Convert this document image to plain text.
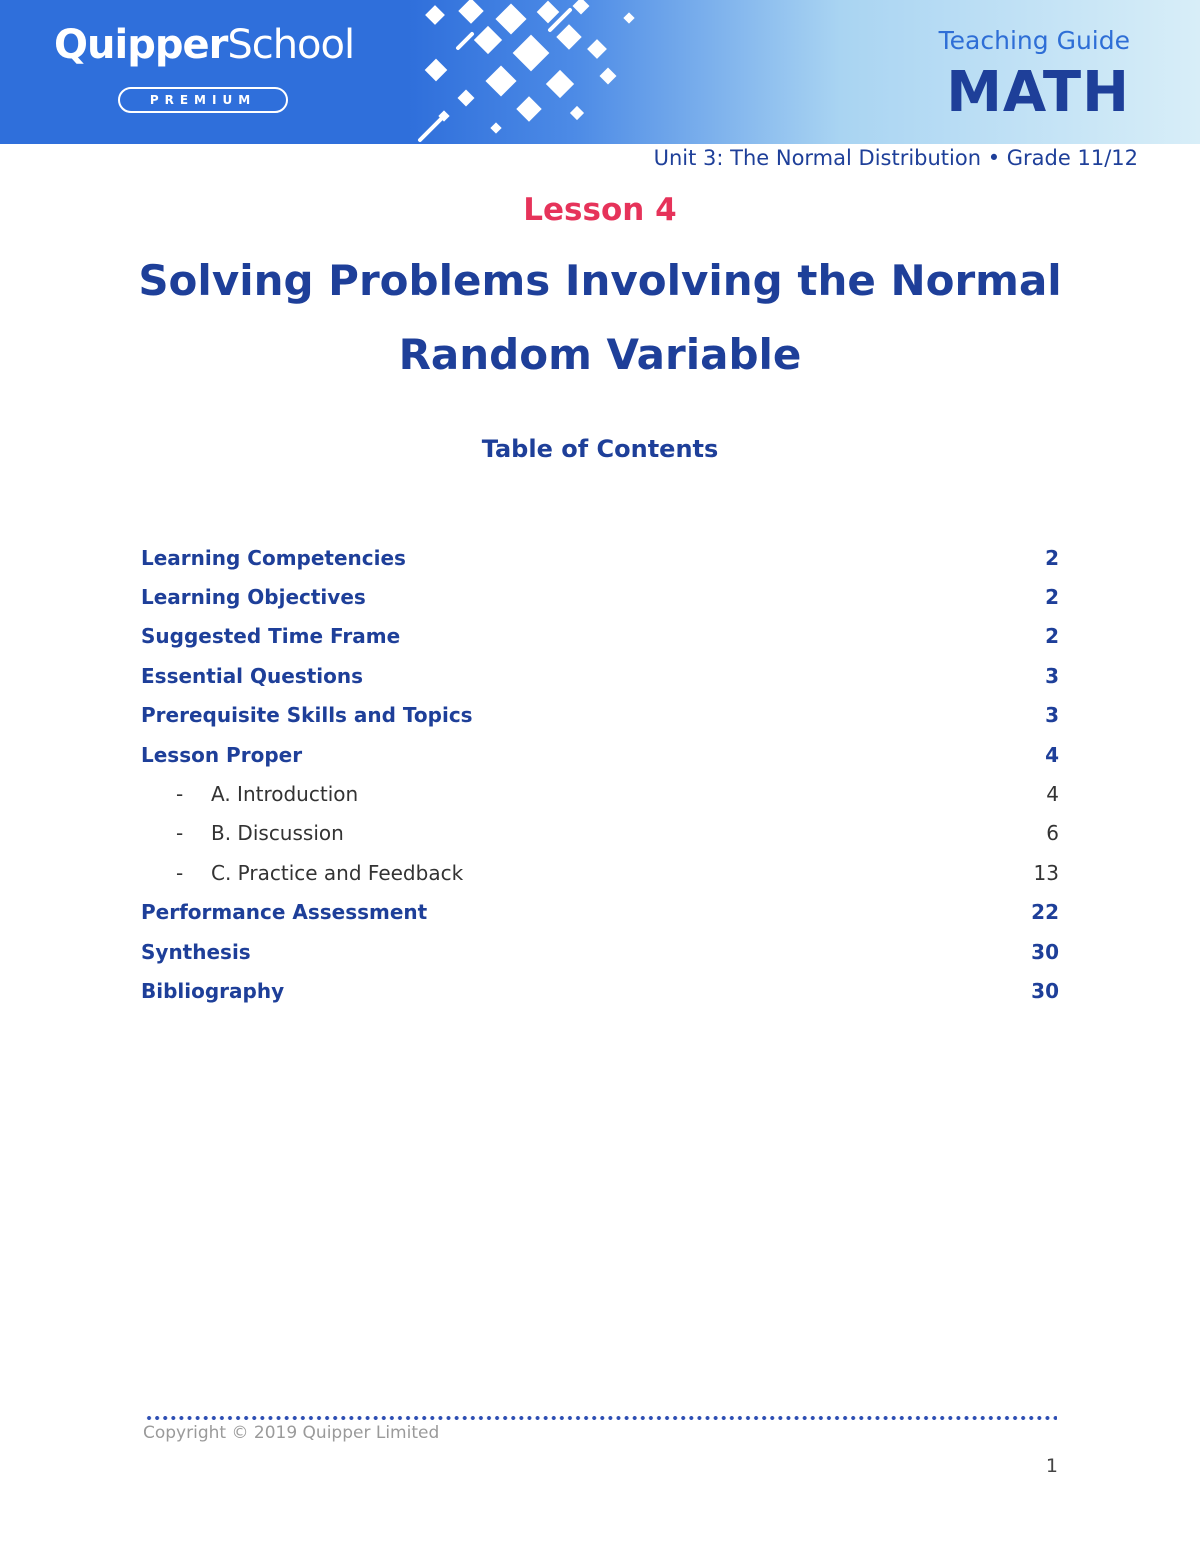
QuipperSchool
PREMIUM
Teaching Guide
MATH
Unit 3: The Normal Distribution • Grade 11/12
Lesson 4
Solving Problems Involving the Normal
Random Variable
Table of Contents
Learning Competencies	2
Learning Objectives	2
Suggested Time Frame	2
Essential Questions	3
Prerequisite Skills and Topics	3
Lesson Proper	4
-	A. Introduction	4
-	B. Discussion	6
-	C. Practice and Feedback	13
Performance Assessment	22
Synthesis	30
Bibliography	30
Copyright © 2019 Quipper Limited
1
